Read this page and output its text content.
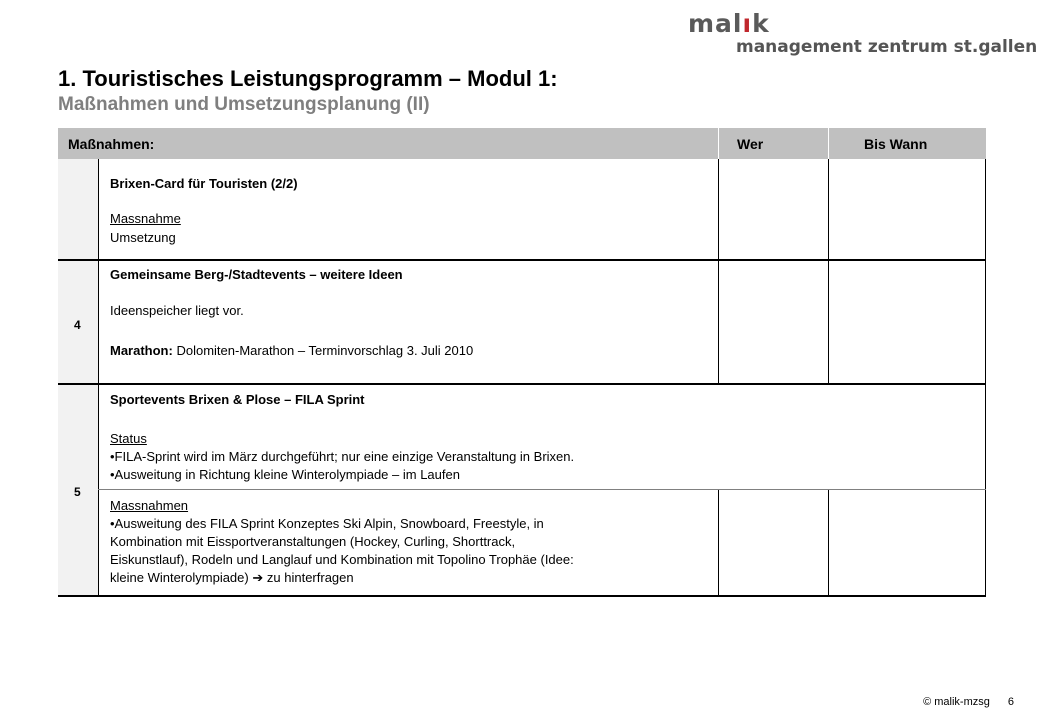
malık
management zentrum st.gallen
1. Touristisches Leistungsprogramm – Modul 1:
Maßnahmen und Umsetzungsplanung (II)
Maßnahmen:	Wer	Bis Wann
Brixen-Card für Touristen (2/2)
Massnahme
Umsetzung
4
Gemeinsame Berg-/Stadtevents – weitere Ideen
Ideenspeicher liegt vor.
Marathon: Dolomiten-Marathon – Terminvorschlag 3. Juli 2010
5
Sportevents Brixen & Plose – FILA Sprint
Status
•FILA-Sprint wird im März durchgeführt; nur eine einzige Veranstaltung in Brixen.
•Ausweitung in Richtung kleine Winterolympiade – im Laufen
Massnahmen
•Ausweitung des FILA Sprint Konzeptes Ski Alpin, Snowboard, Freestyle, in
Kombination mit Eissportveranstaltungen (Hockey, Curling, Shorttrack,
Eiskunstlauf), Rodeln und Langlauf und Kombination mit Topolino Trophäe (Idee:
kleine Winterolympiade) ➔ zu hinterfragen
© malik-mzsg 6
